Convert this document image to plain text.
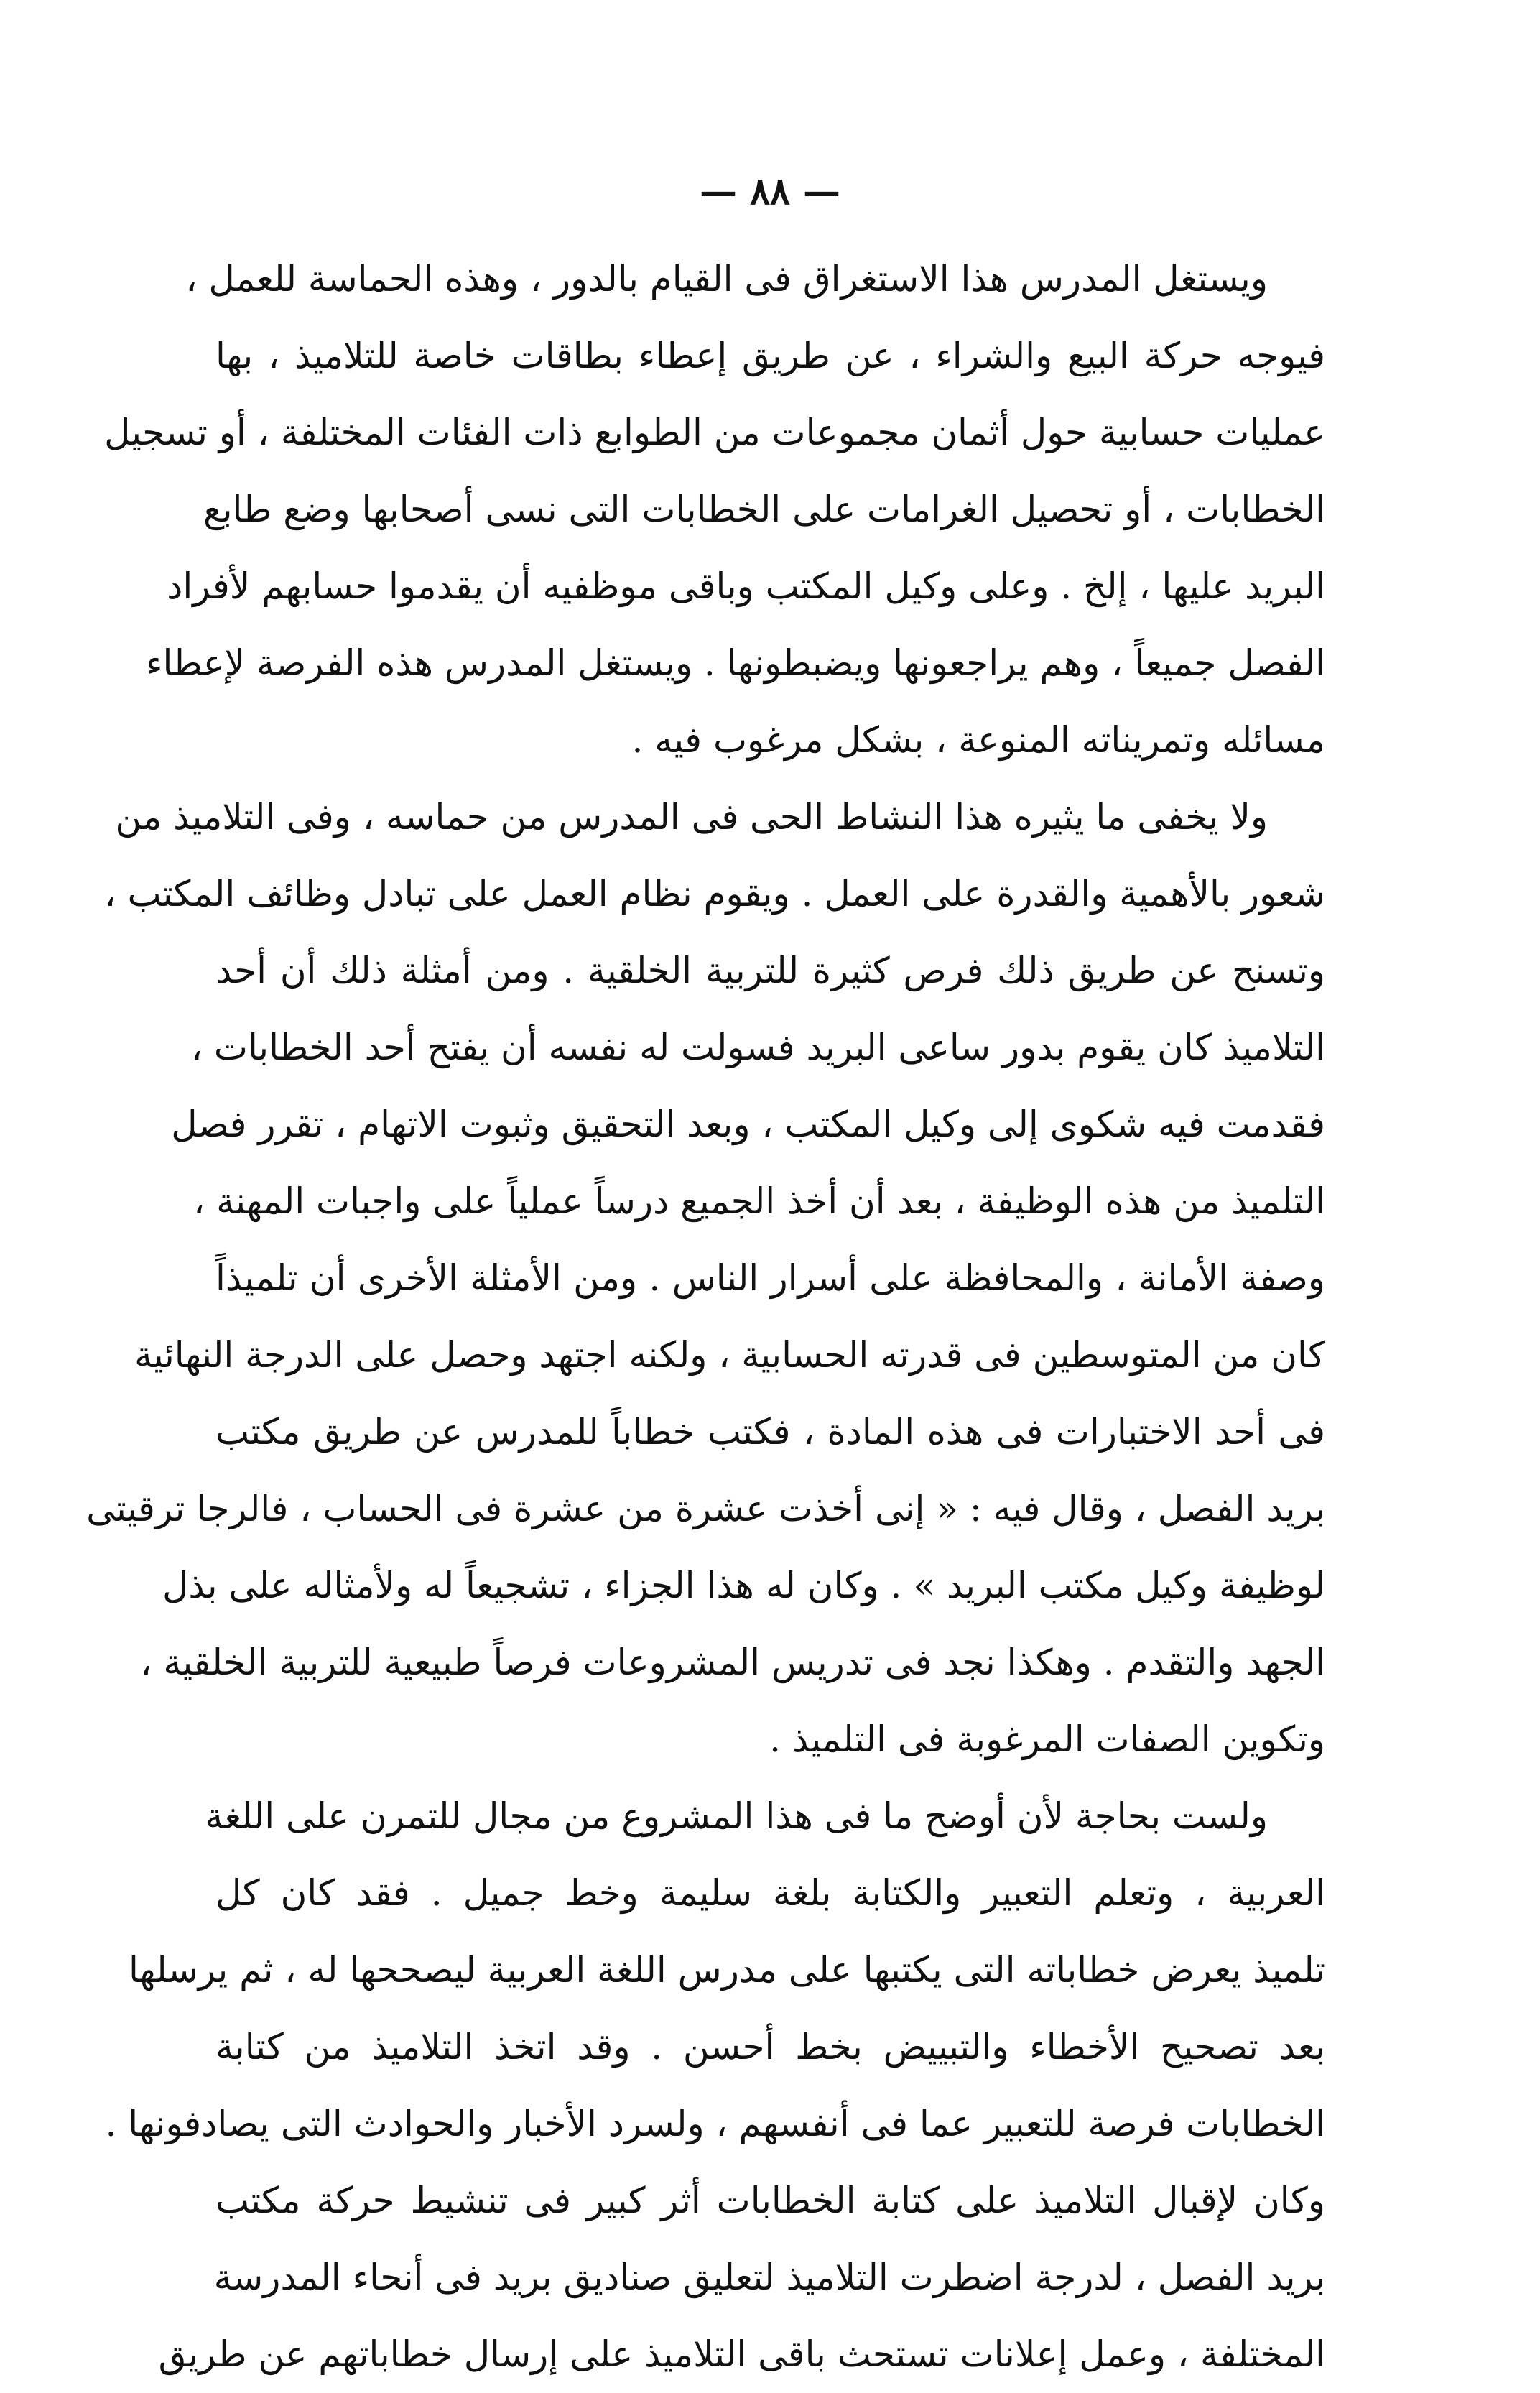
— ٨٨ —
ويستغل المدرس هذا الاستغراق فى القيام بالدور ، وهذه الحماسة للعمل ،
فيوجه حركة البيع والشراء ، عن طريق إعطاء بطاقات خاصة للتلاميذ ، بها
عمليات حسابية حول أثمان مجموعات من الطوابع ذات الفئات المختلفة ، أو تسجيل
الخطابات ، أو تحصيل الغرامات على الخطابات التى نسى أصحابها وضع طابع
البريد عليها ، إلخ . وعلى وكيل المكتب وباقى موظفيه أن يقدموا حسابهم لأفراد
الفصل جميعاً ، وهم يراجعونها ويضبطونها . ويستغل المدرس هذه الفرصة لإعطاء
مسائله وتمريناته المنوعة ، بشكل مرغوب فيه .
ولا يخفى ما يثيره هذا النشاط الحى فى المدرس من حماسه ، وفى التلاميذ من
شعور بالأهمية والقدرة على العمل . ويقوم نظام العمل على تبادل وظائف المكتب ،
وتسنح عن طريق ذلك فرص كثيرة للتربية الخلقية . ومن أمثلة ذلك أن أحد
التلاميذ كان يقوم بدور ساعى البريد فسولت له نفسه أن يفتح أحد الخطابات ،
فقدمت فيه شكوى إلى وكيل المكتب ، وبعد التحقيق وثبوت الاتهام ، تقرر فصل
التلميذ من هذه الوظيفة ، بعد أن أخذ الجميع درساً عملياً على واجبات المهنة ،
وصفة الأمانة ، والمحافظة على أسرار الناس . ومن الأمثلة الأخرى أن تلميذاً
كان من المتوسطين فى قدرته الحسابية ، ولكنه اجتهد وحصل على الدرجة النهائية
فى أحد الاختبارات فى هذه المادة ، فكتب خطاباً للمدرس عن طريق مكتب
بريد الفصل ، وقال فيه : « إنى أخذت عشرة من عشرة فى الحساب ، فالرجا ترقيتى
لوظيفة وكيل مكتب البريد » . وكان له هذا الجزاء ، تشجيعاً له ولأمثاله على بذل
الجهد والتقدم . وهكذا نجد فى تدريس المشروعات فرصاً طبيعية للتربية الخلقية ،
وتكوين الصفات المرغوبة فى التلميذ .
ولست بحاجة لأن أوضح ما فى هذا المشروع من مجال للتمرن على اللغة
العربية ، وتعلم التعبير والكتابة بلغة سليمة وخط جميل . فقد كان كل
تلميذ يعرض خطاباته التى يكتبها على مدرس اللغة العربية ليصححها له ، ثم يرسلها
بعد تصحيح الأخطاء والتبييض بخط أحسن . وقد اتخذ التلاميذ من كتابة
الخطابات فرصة للتعبير عما فى أنفسهم ، ولسرد الأخبار والحوادث التى يصادفونها .
وكان لإقبال التلاميذ على كتابة الخطابات أثر كبير فى تنشيط حركة مكتب
بريد الفصل ، لدرجة اضطرت التلاميذ لتعليق صناديق بريد فى أنحاء المدرسة
المختلفة ، وعمل إعلانات تستحث باقى التلاميذ على إرسال خطاباتهم عن طريق
